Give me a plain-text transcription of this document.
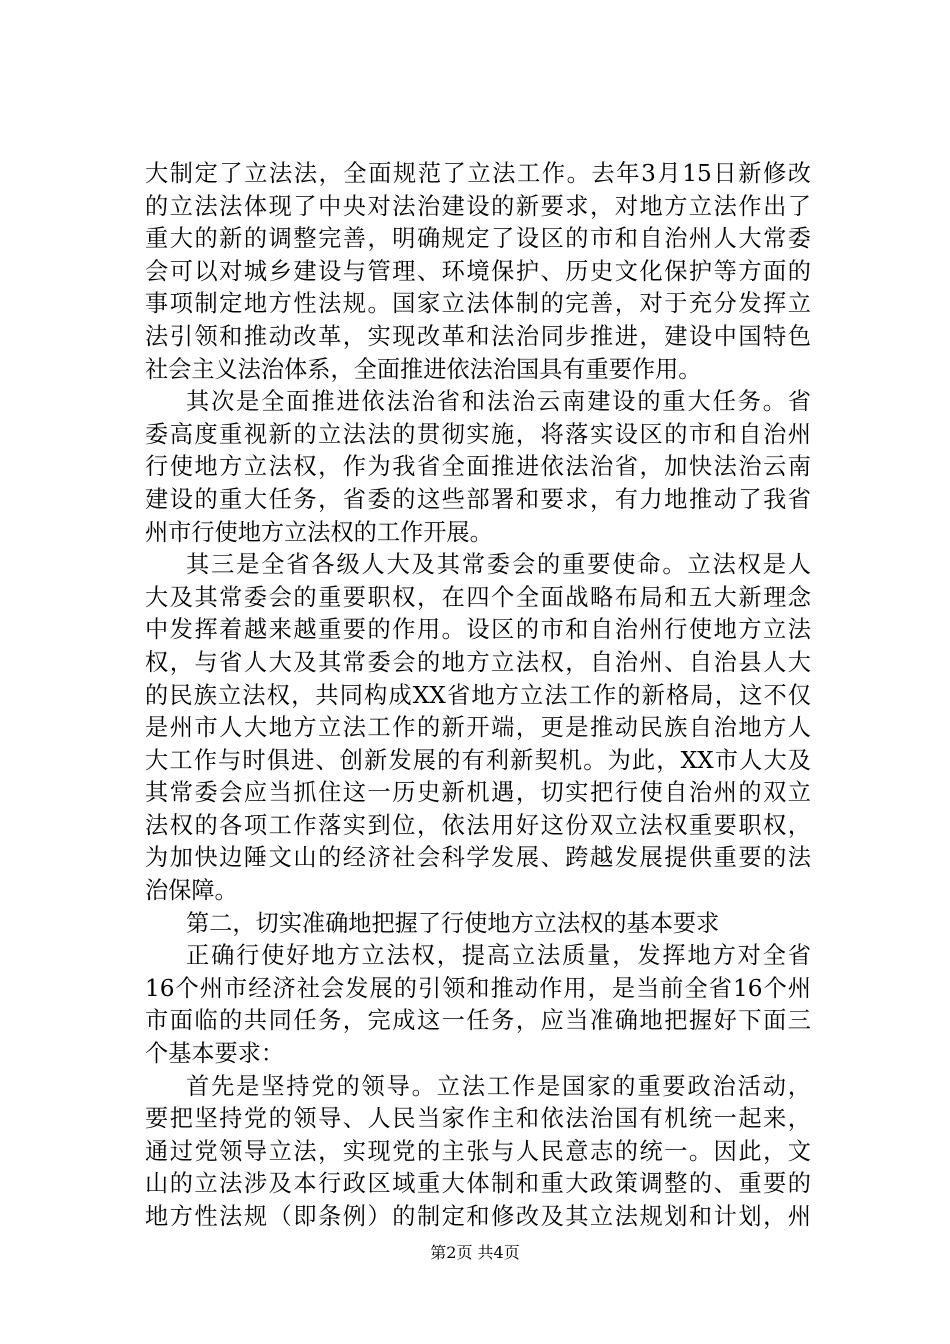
大制定了立法法，全面规范了立法工作。去年3月15日新修改
的立法法体现了中央对法治建设的新要求，对地方立法作出了
重大的新的调整完善，明确规定了设区的市和自治州人大常委
会可以对城乡建设与管理、环境保护、历史文化保护等方面的
事项制定地方性法规。国家立法体制的完善，对于充分发挥立
法引领和推动改革，实现改革和法治同步推进，建设中国特色
社会主义法治体系，全面推进依法治国具有重要作用。
其次是全面推进依法治省和法治云南建设的重大任务。省
委高度重视新的立法法的贯彻实施，将落实设区的市和自治州
行使地方立法权，作为我省全面推进依法治省，加快法治云南
建设的重大任务，省委的这些部署和要求，有力地推动了我省
州市行使地方立法权的工作开展。
其三是全省各级人大及其常委会的重要使命。立法权是人
大及其常委会的重要职权，在四个全面战略布局和五大新理念
中发挥着越来越重要的作用。设区的市和自治州行使地方立法
权，与省人大及其常委会的地方立法权，自治州、自治县人大
的民族立法权，共同构成XX省地方立法工作的新格局，这不仅
是州市人大地方立法工作的新开端，更是推动民族自治地方人
大工作与时俱进、创新发展的有利新契机。为此，XX市人大及
其常委会应当抓住这一历史新机遇，切实把行使自治州的双立
法权的各项工作落实到位，依法用好这份双立法权重要职权，
为加快边陲文山的经济社会科学发展、跨越发展提供重要的法
治保障。
第二，切实准确地把握了行使地方立法权的基本要求
正确行使好地方立法权，提高立法质量，发挥地方对全省
16个州市经济社会发展的引领和推动作用，是当前全省16个州
市面临的共同任务，完成这一任务，应当准确地把握好下面三
个基本要求：
首先是坚持党的领导。立法工作是国家的重要政治活动，
要把坚持党的领导、人民当家作主和依法治国有机统一起来，
通过党领导立法，实现党的主张与人民意志的统一。因此，文
山的立法涉及本行政区域重大体制和重大政策调整的、重要的
地方性法规（即条例）的制定和修改及其立法规划和计划，州
第2页 共4页
